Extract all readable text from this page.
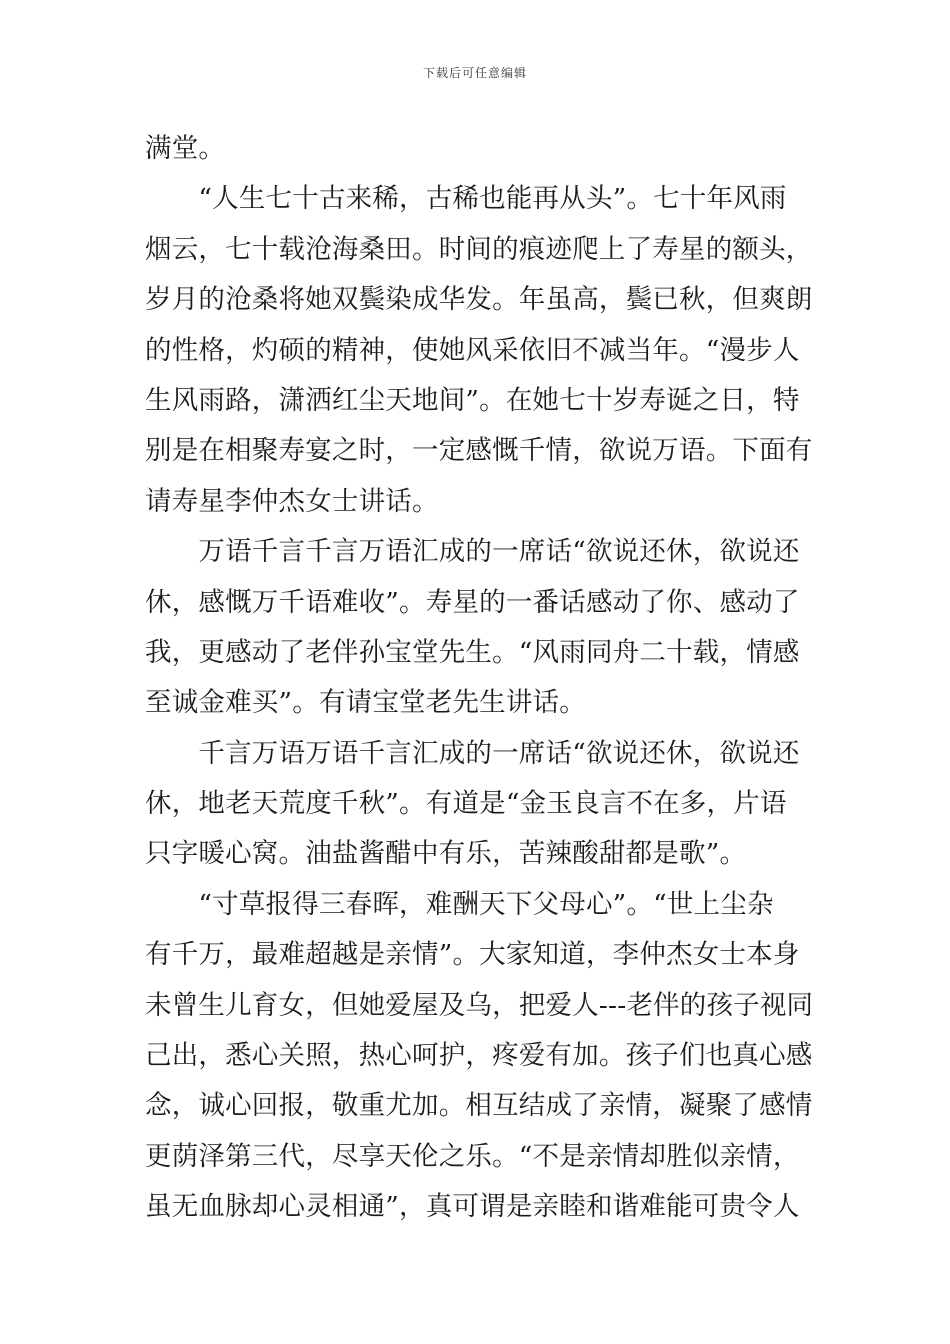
下载后可任意编辑
满堂。
　　“人生七十古来稀，古稀也能再从头”。七十年风雨
烟云，七十载沧海桑田。时间的痕迹爬上了寿星的额头，
岁月的沧桑将她双鬓染成华发。年虽高，鬓已秋，但爽朗
的性格，灼硕的精神，使她风采依旧不减当年。“漫步人
生风雨路，潇洒红尘天地间”。在她七十岁寿诞之日，特
别是在相聚寿宴之时，一定感慨千情，欲说万语。下面有
请寿星李仲杰女士讲话。
　　万语千言千言万语汇成的一席话“欲说还休，欲说还
休，感慨万千语难收”。寿星的一番话感动了你、感动了
我，更感动了老伴孙宝堂先生。“风雨同舟二十载，情感
至诚金难买”。有请宝堂老先生讲话。
　　千言万语万语千言汇成的一席话“欲说还休，欲说还
休，地老天荒度千秋”。有道是“金玉良言不在多，片语
只字暖心窝。油盐酱醋中有乐，苦辣酸甜都是歌”。
　　“寸草报得三春晖，难酬天下父母心”。“世上尘杂
有千万，最难超越是亲情”。大家知道，李仲杰女士本身
未曾生儿育女，但她爱屋及乌，把爱人---老伴的孩子视同
己出，悉心关照，热心呵护，疼爱有加。孩子们也真心感
念，诚心回报，敬重尤加。相互结成了亲情，凝聚了感情
更荫泽第三代，尽享天伦之乐。“不是亲情却胜似亲情，
虽无血脉却心灵相通”，真可谓是亲睦和谐难能可贵令人
